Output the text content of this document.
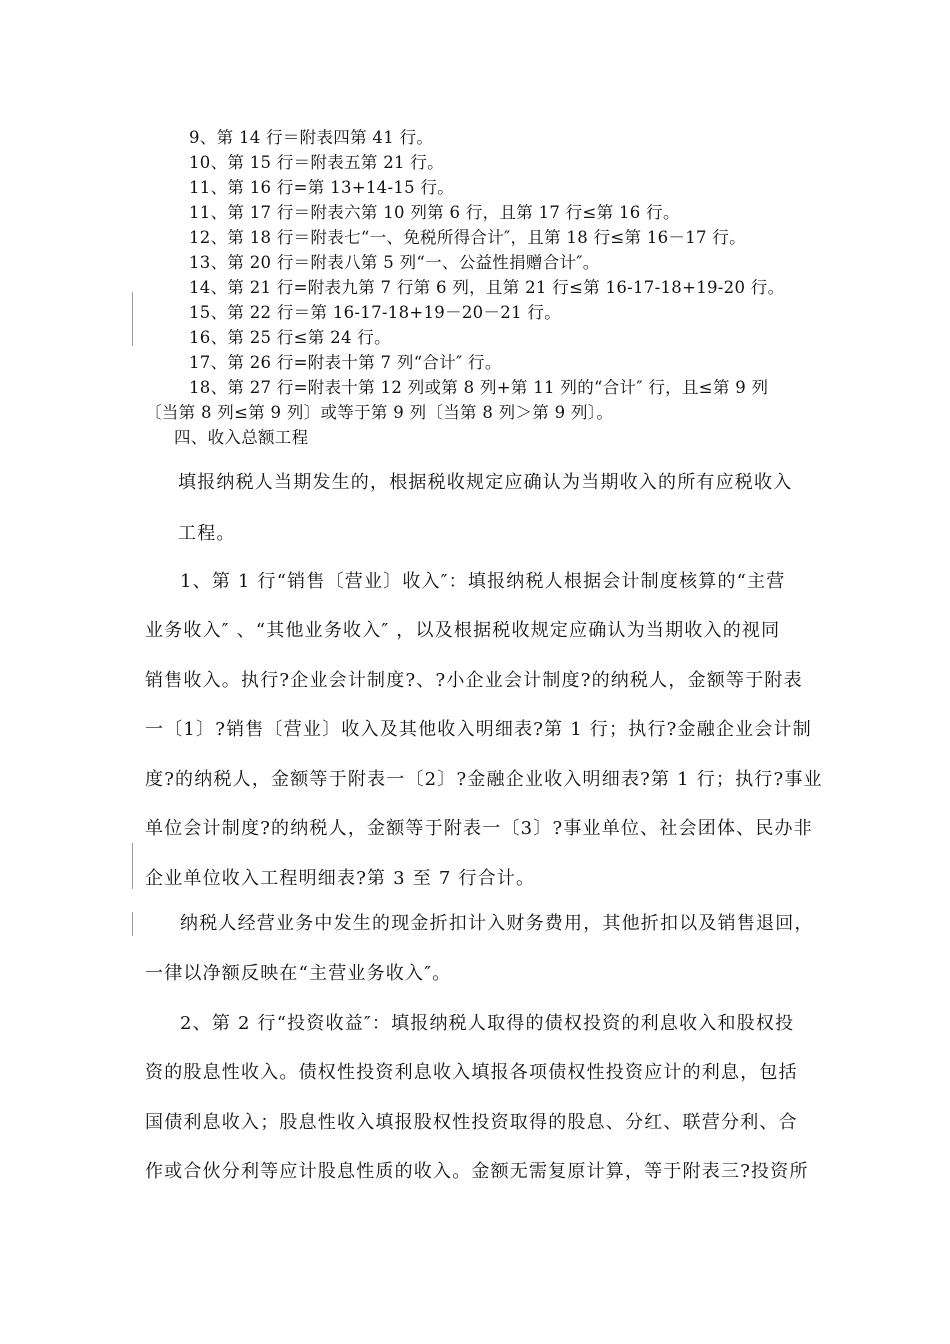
9、第 14 行＝附表四第 41 行。
10、第 15 行＝附表五第 21 行。
11、第 16 行=第 13+14-15 行。
11、第 17 行＝附表六第 10 列第 6 行，且第 17 行≤第 16 行。
12、第 18 行＝附表七“一、免税所得合计″，且第 18 行≤第 16－17 行。
13、第 20 行＝附表八第 5 列“一、公益性捐赠合计″。
14、第 21 行=附表九第 7 行第 6 列，且第 21 行≤第 16-17-18+19-20 行。
15、第 22 行＝第 16-17-18+19－20－21 行。
16、第 25 行≤第 24 行。
17、第 26 行=附表十第 7 列“合计″ 行。
18、第 27 行=附表十第 12 列或第 8 列+第 11 列的“合计″ 行，且≤第 9 列
〔当第 8 列≤第 9 列〕或等于第 9 列〔当第 8 列＞第 9 列〕。
四、收入总额工程
填报纳税人当期发生的，根据税收规定应确认为当期收入的所有应税收入
工程。
1、第 1 行“销售〔营业〕收入″：填报纳税人根据会计制度核算的“主营
业务收入″ 、“其他业务收入″ ，以及根据税收规定应确认为当期收入的视同
销售收入。执行?企业会计制度?、?小企业会计制度?的纳税人，金额等于附表
一〔1〕?销售〔营业〕收入及其他收入明细表?第 1 行；执行?金融企业会计制
度?的纳税人，金额等于附表一〔2〕?金融企业收入明细表?第 1 行；执行?事业
单位会计制度?的纳税人，金额等于附表一〔3〕?事业单位、社会团体、民办非
企业单位收入工程明细表?第 3 至 7 行合计。
纳税人经营业务中发生的现金折扣计入财务费用，其他折扣以及销售退回，
一律以净额反映在“主营业务收入″。
2、第 2 行“投资收益″：填报纳税人取得的债权投资的利息收入和股权投
资的股息性收入。债权性投资利息收入填报各项债权性投资应计的利息，包括
国债利息收入；股息性收入填报股权性投资取得的股息、分红、联营分利、合
作或合伙分利等应计股息性质的收入。金额无需复原计算，等于附表三?投资所
